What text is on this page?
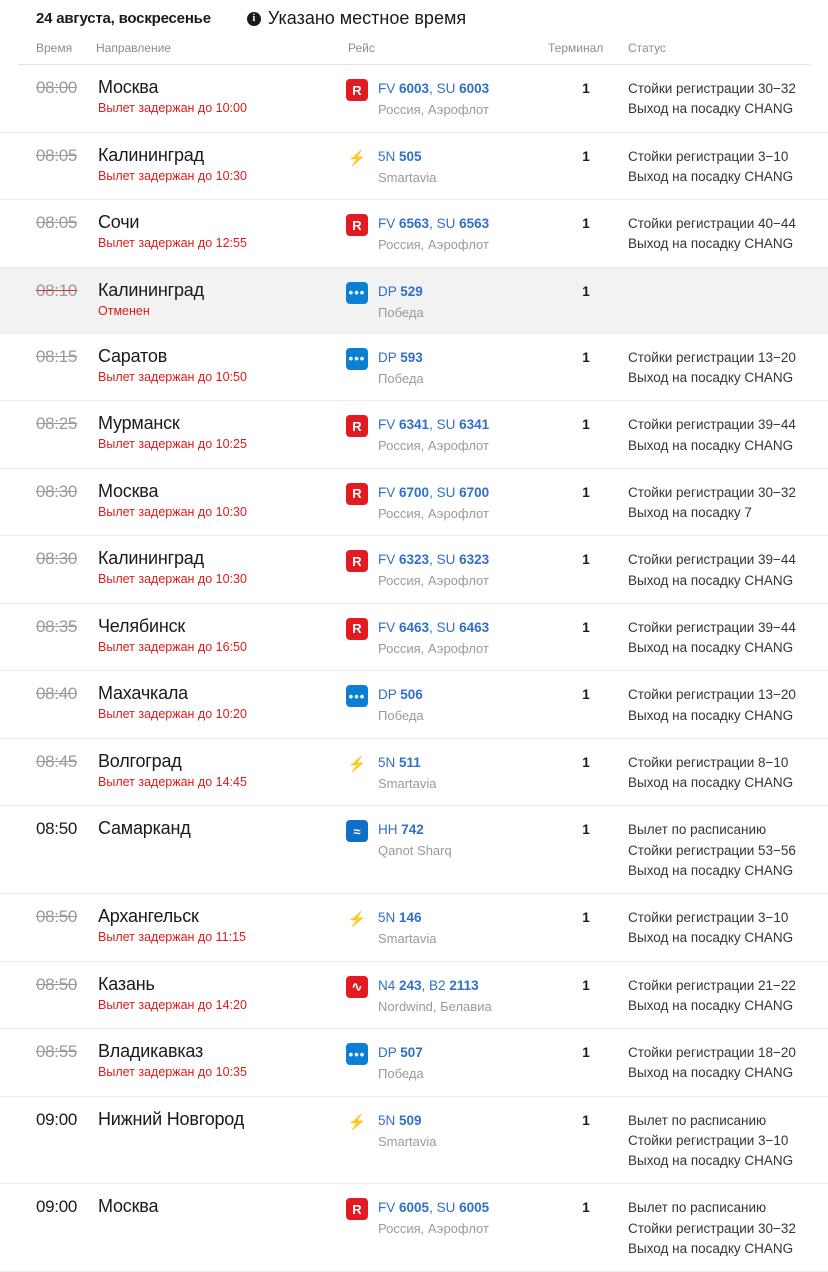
24 августа, воскресенье	i Указано местное время
Время Направление	Рейс	Терминал Статус
08:00	Москва
Вылет задержан до 10:00
R	FV 6003, SU 6003
Россия, Аэрофлот
1	Стойки регистрации 30−32
Выход на посадку CHANG
08:05	Калининград
Вылет задержан до 10:30
⚡ 5N 505
Smartavia
1	Стойки регистрации 3−10
Выход на посадку CHANG
08:05	Сочи
Вылет задержан до 12:55
R	FV 6563, SU 6563
Россия, Аэрофлот
1	Стойки регистрации 40−44
Выход на посадку CHANG
08:10	Калининград
Отменен
••• DP 529
Победа
1
08:15	Саратов
Вылет задержан до 10:50
••• DP 593
Победа
1	Стойки регистрации 13−20
Выход на посадку CHANG
08:25	Мурманск
Вылет задержан до 10:25
R	FV 6341, SU 6341
Россия, Аэрофлот
1	Стойки регистрации 39−44
Выход на посадку CHANG
08:30	Москва
Вылет задержан до 10:30
R	FV 6700, SU 6700
Россия, Аэрофлот
1	Стойки регистрации 30−32
Выход на посадку 7
08:30	Калининград
Вылет задержан до 10:30
R	FV 6323, SU 6323
Россия, Аэрофлот
1	Стойки регистрации 39−44
Выход на посадку CHANG
08:35	Челябинск
Вылет задержан до 16:50
R	FV 6463, SU 6463
Россия, Аэрофлот
1	Стойки регистрации 39−44
Выход на посадку CHANG
08:40	Махачкала
Вылет задержан до 10:20
••• DP 506
Победа
1	Стойки регистрации 13−20
Выход на посадку CHANG
08:45	Волгоград
Вылет задержан до 14:45
⚡ 5N 511
Smartavia
1	Стойки регистрации 8−10
Выход на посадку CHANG
08:50	Самарканд	≈	HH 742
Qanot Sharq
1	Вылет по расписанию
Стойки регистрации 53−56
Выход на посадку CHANG
08:50	Архангельск
Вылет задержан до 11:15
⚡ 5N 146
Smartavia
1	Стойки регистрации 3−10
Выход на посадку CHANG
08:50	Казань
Вылет задержан до 14:20
∿	N4 243, B2 2113
Nordwind, Белавиа
1	Стойки регистрации 21−22
Выход на посадку CHANG
08:55	Владикавказ
Вылет задержан до 10:35
••• DP 507
Победа
1	Стойки регистрации 18−20
Выход на посадку CHANG
09:00	Нижний Новгород	⚡ 5N 509
Smartavia
1	Вылет по расписанию
Стойки регистрации 3−10
Выход на посадку CHANG
09:00	Москва	R	FV 6005, SU 6005
Россия, Аэрофлот
1	Вылет по расписанию
Стойки регистрации 30−32
Выход на посадку CHANG
